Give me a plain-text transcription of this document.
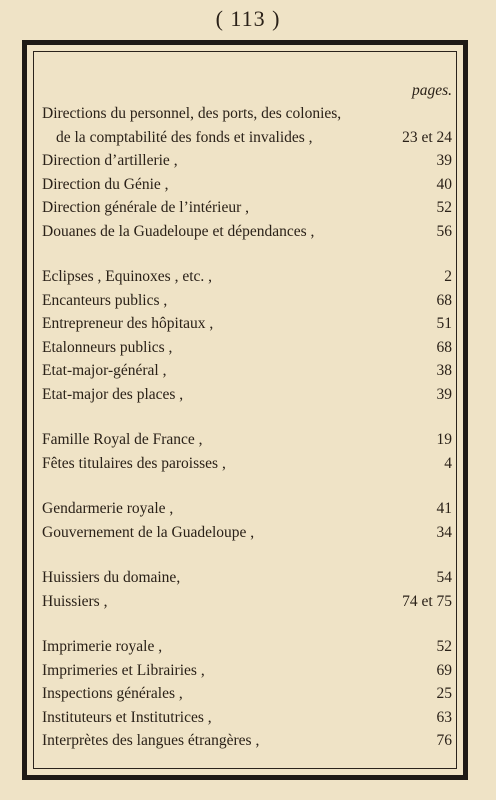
( 113 )
pages.
Directions du personnel, des ports, des colonies,
de la comptabilité des fonds et invalides ,	23 et 24
Direction d’artillerie ,	39
Direction du Génie ,	40
Direction générale de l’intérieur ,	52
Douanes de la Guadeloupe et dépendances ,	56
Eclipses , Equinoxes , etc. ,	2
Encanteurs publics ,	68
Entrepreneur des hôpitaux ,	51
Etalonneurs publics ,	68
Etat-major-général ,	38
Etat-major des places ,	39
Famille Royal de France ,	19
Fêtes titulaires des paroisses ,	4
Gendarmerie royale ,	41
Gouvernement de la Guadeloupe ,	34
Huissiers du domaine,	54
Huissiers ,	74 et 75
Imprimerie royale ,	52
Imprimeries et Librairies ,	69
Inspections générales ,	25
Instituteurs et Institutrices ,	63
Interprètes des langues étrangères ,	76
